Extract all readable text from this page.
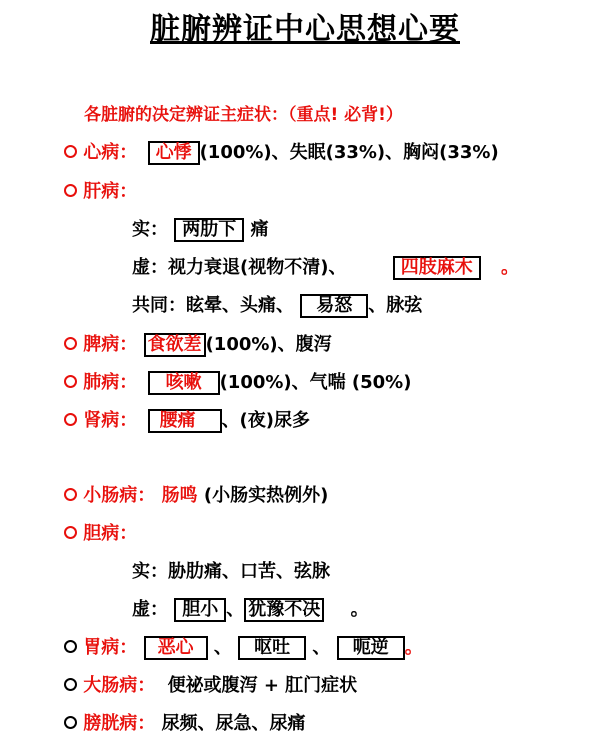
脏腑辨证中心思想心要
各脏腑的决定辨证主症状：（重点! 必背!）
心病： 心悸 (100%)、失眠(33%)、胸闷(33%)
肝病：
实： 两肋下 痛
虚：视力衰退(视物不清)、	四肢麻木 。
共同：眩晕、头痛、 易怒 、脉弦
脾病： 食欲差 (100%)、腹泻
肺病： 咳嗽 (100%)、气喘 (50%)
肾病： 腰痛 、(夜)尿多
小肠病： 肠鸣 (小肠实热例外)
胆病：
实：胁肋痛、口苦、弦脉
虚： 胆小 、 犹豫不决 。
胃病： 恶心 、 呕吐 、 呃逆 。
大肠病： 便祕或腹泻 + 肛门症状
膀胱病： 尿频、尿急、尿痛
